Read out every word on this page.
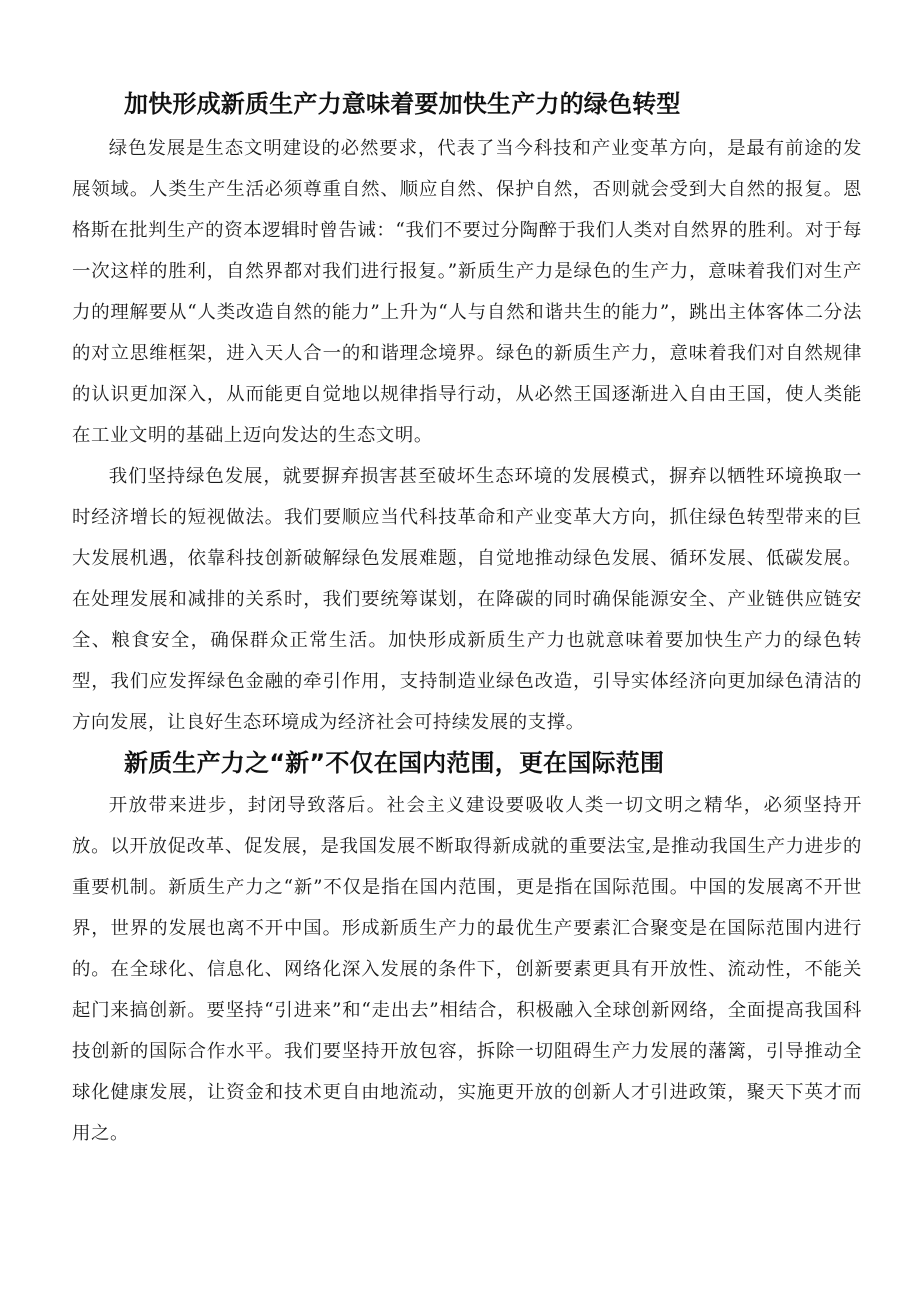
加快形成新质生产力意味着要加快生产力的绿色转型

绿色发展是生态文明建设的必然要求，代表了当今科技和产业变革方向，是最有前途的发展领域。人类生产生活必须尊重自然、顺应自然、保护自然，否则就会受到大自然的报复。恩格斯在批判生产的资本逻辑时曾告诫：“我们不要过分陶醉于我们人类对自然界的胜利。对于每一次这样的胜利，自然界都对我们进行报复。”新质生产力是绿色的生产力，意味着我们对生产力的理解要从“人类改造自然的能力”上升为“人与自然和谐共生的能力”，跳出主体客体二分法的对立思维框架，进入天人合一的和谐理念境界。绿色的新质生产力，意味着我们对自然规律的认识更加深入，从而能更自觉地以规律指导行动，从必然王国逐渐进入自由王国，使人类能在工业文明的基础上迈向发达的生态文明。

我们坚持绿色发展，就要摒弃损害甚至破坏生态环境的发展模式，摒弃以牺牲环境换取一时经济增长的短视做法。我们要顺应当代科技革命和产业变革大方向，抓住绿色转型带来的巨大发展机遇，依靠科技创新破解绿色发展难题，自觉地推动绿色发展、循环发展、低碳发展。在处理发展和减排的关系时，我们要统筹谋划，在降碳的同时确保能源安全、产业链供应链安全、粮食安全，确保群众正常生活。加快形成新质生产力也就意味着要加快生产力的绿色转型，我们应发挥绿色金融的牵引作用，支持制造业绿色改造，引导实体经济向更加绿色清洁的方向发展，让良好生态环境成为经济社会可持续发展的支撑。

新质生产力之“新”不仅在国内范围，更在国际范围

开放带来进步，封闭导致落后。社会主义建设要吸收人类一切文明之精华，必须坚持开放。以开放促改革、促发展，是我国发展不断取得新成就的重要法宝,是推动我国生产力进步的重要机制。新质生产力之“新”不仅是指在国内范围，更是指在国际范围。中国的发展离不开世界，世界的发展也离不开中国。形成新质生产力的最优生产要素汇合聚变是在国际范围内进行的。在全球化、信息化、网络化深入发展的条件下，创新要素更具有开放性、流动性，不能关起门来搞创新。要坚持“引进来”和“走出去”相结合，积极融入全球创新网络，全面提高我国科技创新的国际合作水平。我们要坚持开放包容，拆除一切阻碍生产力发展的藩篱，引导推动全球化健康发展，让资金和技术更自由地流动，实施更开放的创新人才引进政策，聚天下英才而用之。
